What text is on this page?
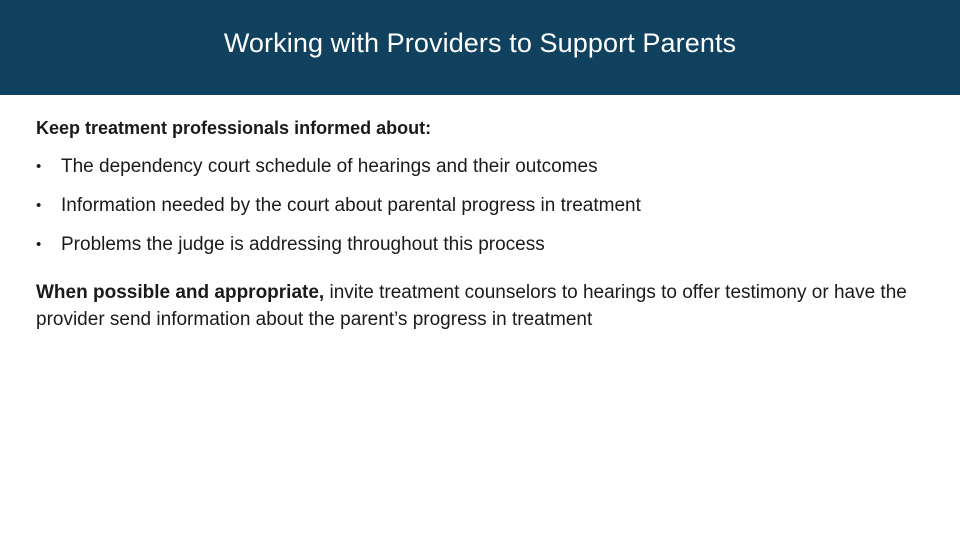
Working with Providers to Support Parents
Keep treatment professionals informed about:
•	The dependency court schedule of hearings and their outcomes
•	Information needed by the court about parental progress in treatment
•	Problems the judge is addressing throughout this process
When possible and appropriate, invite treatment counselors to hearings to offer testimony or have the provider send information about the parent’s progress in treatment
